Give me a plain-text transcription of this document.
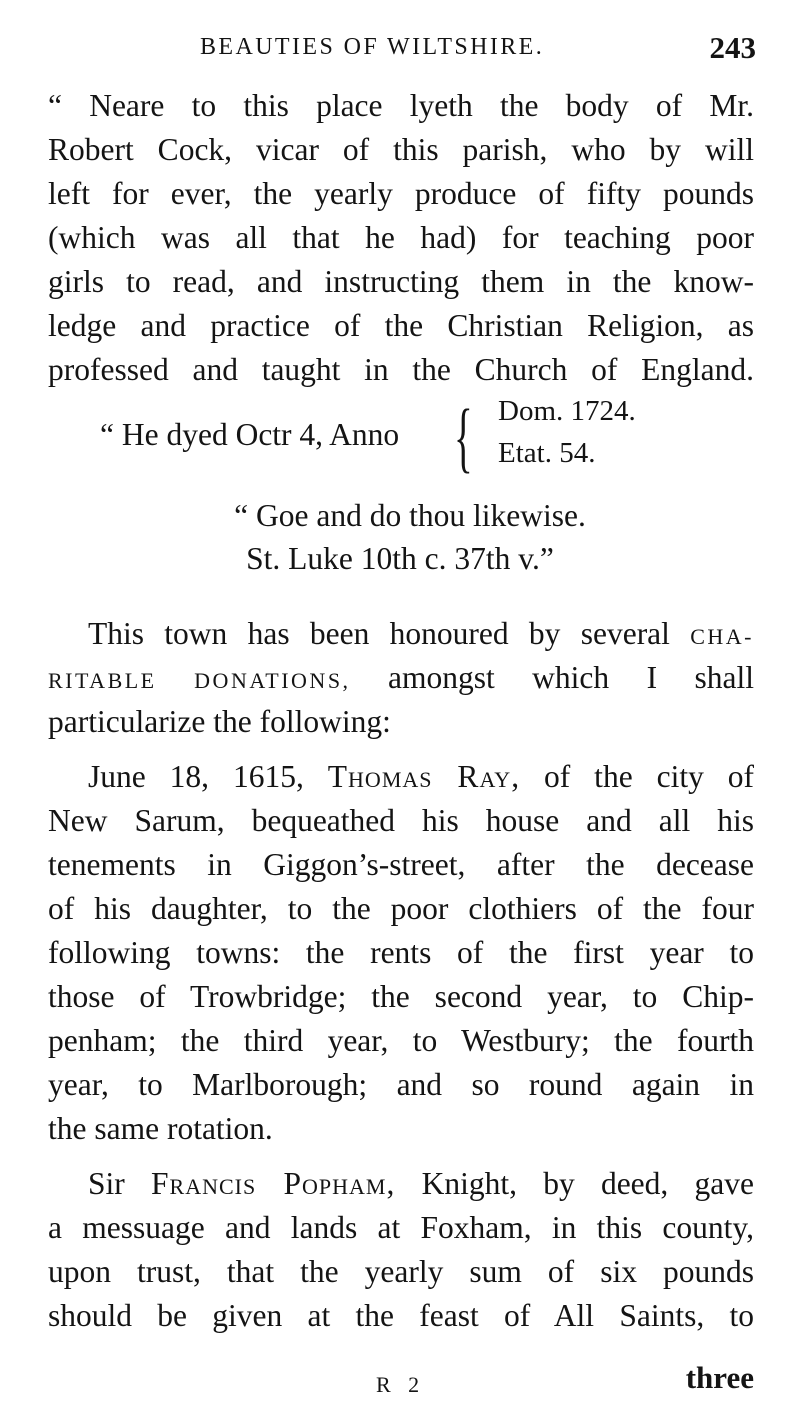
BEAUTIES OF WILTSHIRE.	243
“ Neare to this place lyeth the body of Mr.
Robert Cock, vicar of this parish, who by will
left for ever, the yearly produce of fifty pounds
(which was all that he had) for teaching poor
girls to read, and instructing them in the know-
ledge and practice of the Christian Religion, as
professed and taught in the Church of England.
“ He dyed Octr 4, Anno { Dom. 1724.
Etat. 54.
“ Goe and do thou likewise.
St. Luke 10th c. 37th v.”
This town has been honoured by several CHA-
RITABLE DONATIONS, amongst which I shall
particularize the following:
June 18, 1615, Thomas Ray, of the city of
New Sarum, bequeathed his house and all his
tenements in Giggon’s-street, after the decease
of his daughter, to the poor clothiers of the four
following towns: the rents of the first year to
those of Trowbridge; the second year, to Chip-
penham; the third year, to Westbury; the fourth
year, to Marlborough; and so round again in
the same rotation.
Sir Francis Popham, Knight, by deed, gave
a messuage and lands at Foxham, in this county,
upon trust, that the yearly sum of six pounds
should be given at the feast of All Saints, to
R 2	three
